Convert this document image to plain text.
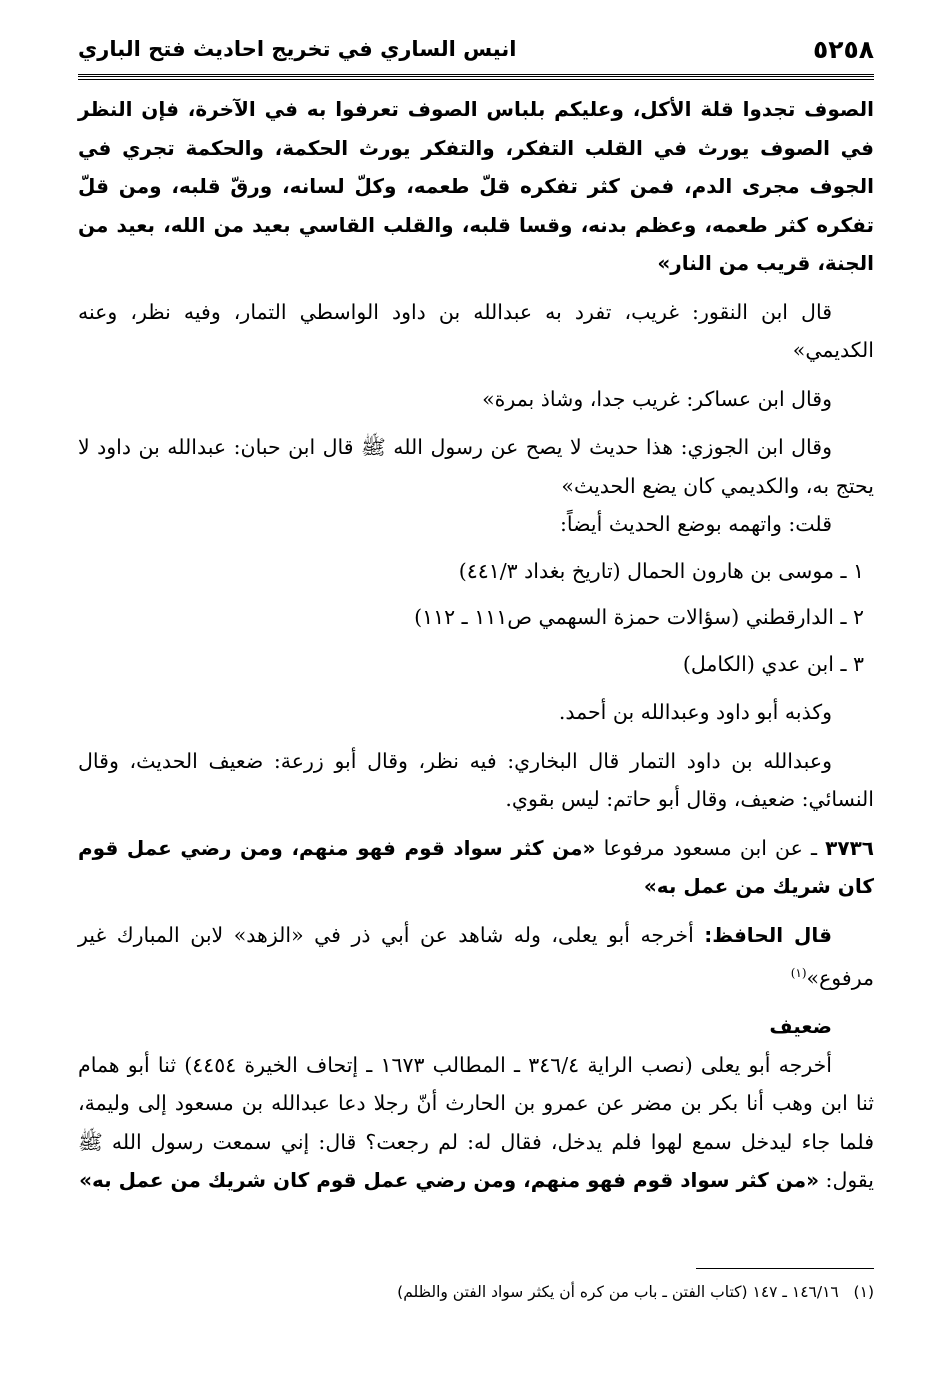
٥٢٥٨
انيس الساري في تخريج احاديث فتح الباري

الصوف تجدوا قلة الأكل، وعليكم بلباس الصوف تعرفوا به في الآخرة، فإن النظر في الصوف يورث في القلب التفكر، والتفكر يورث الحكمة، والحكمة تجري في الجوف مجرى الدم، فمن كثر تفكره قلّ طعمه، وكلّ لسانه، ورقّ قلبه، ومن قلّ تفكره كثر طعمه، وعظم بدنه، وقسا قلبه، والقلب القاسي بعيد من الله، بعيد من الجنة، قريب من النار»

قال ابن النقور: غريب، تفرد به عبدالله بن داود الواسطي التمار، وفيه نظر، وعنه الكديمي»

وقال ابن عساكر: غريب جدا، وشاذ بمرة»

وقال ابن الجوزي: هذا حديث لا يصح عن رسول الله ﷺ قال ابن حبان: عبدالله بن داود لا يحتج به، والكديمي كان يضع الحديث»

قلت: واتهمه بوضع الحديث أيضاً:

١ ـ موسى بن هارون الحمال (تاريخ بغداد ٤٤١/٣)

٢ ـ الدارقطني (سؤالات حمزة السهمي ص١١١ ـ ١١٢)

٣ ـ ابن عدي (الكامل)

وكذبه أبو داود وعبدالله بن أحمد.

وعبدالله بن داود التمار قال البخاري: فيه نظر، وقال أبو زرعة: ضعيف الحديث، وقال النسائي: ضعيف، وقال أبو حاتم: ليس بقوي.

٣٧٣٦ ـ عن ابن مسعود مرفوعا «من كثر سواد قوم فهو منهم، ومن رضي عمل قوم كان شريك من عمل به»

قال الحافظ: أخرجه أبو يعلى، وله شاهد عن أبي ذر في «الزهد» لابن المبارك غير مرفوع»$^{(١)}$

ضعيف

أخرجه أبو يعلى (نصب الراية ٣٤٦/٤ ـ المطالب ١٦٧٣ ـ إتحاف الخيرة ٤٤٥٤) ثنا أبو همام ثنا ابن وهب أنا بكر بن مضر عن عمرو بن الحارث أنّ رجلا دعا عبدالله بن مسعود إلى وليمة، فلما جاء ليدخل سمع لهوا فلم يدخل، فقال له: لم رجعت؟ قال: إني سمعت رسول الله ﷺ يقول: «من كثر سواد قوم فهو منهم، ومن رضي عمل قوم كان شريك من عمل به»

(١)   ١٤٦/١٦ ـ ١٤٧ (كتاب الفتن ـ باب من كره أن يكثر سواد الفتن والظلم)
